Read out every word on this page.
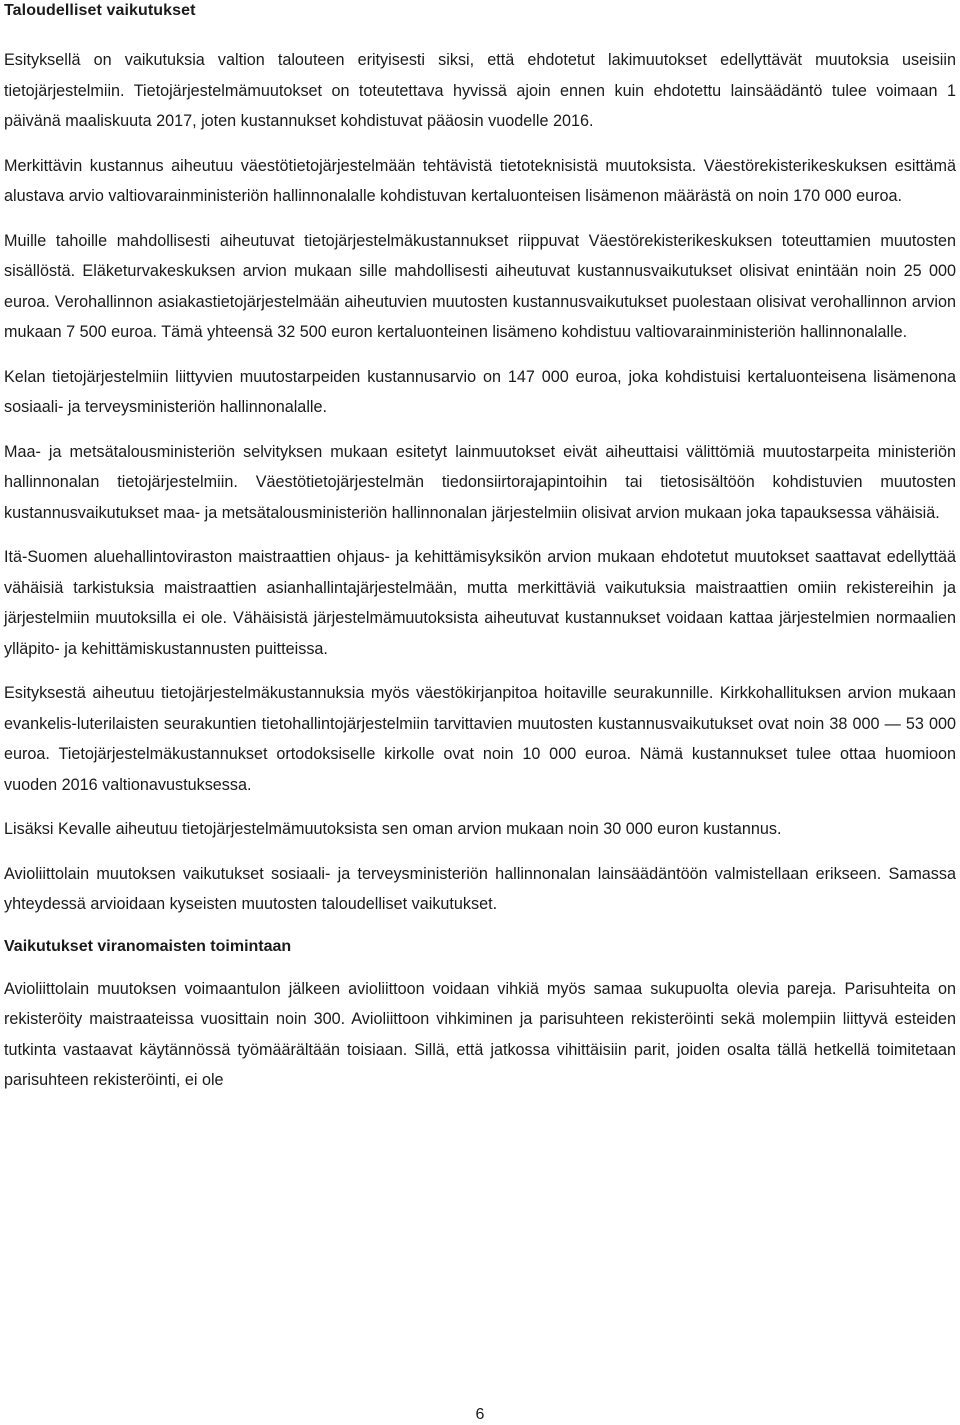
Taloudelliset vaikutukset

Esityksellä on vaikutuksia valtion talouteen erityisesti siksi, että ehdotetut lakimuutokset edellyttävät muutoksia useisiin tietojärjestelmiin. Tietojärjestelmämuutokset on toteutettava hyvissä ajoin ennen kuin ehdotettu lainsäädäntö tulee voimaan 1 päivänä maaliskuuta 2017, joten kustannukset kohdistuvat pääosin vuodelle 2016.

Merkittävin kustannus aiheutuu väestötietojärjestelmään tehtävistä tietoteknisistä muutoksista. Väestörekisterikeskuksen esittämä alustava arvio valtiovarainministeriön hallinnonalalle kohdistuvan kertaluonteisen lisämenon määrästä on noin 170 000 euroa.

Muille tahoille mahdollisesti aiheutuvat tietojärjestelmäkustannukset riippuvat Väestörekisterikeskuksen toteuttamien muutosten sisällöstä. Eläketurvakeskuksen arvion mukaan sille mahdollisesti aiheutuvat kustannusvaikutukset olisivat enintään noin 25 000 euroa. Verohallinnon asiakastietojärjestelmään aiheutuvien muutosten kustannusvaikutukset puolestaan olisivat verohallinnon arvion mukaan 7 500 euroa. Tämä yhteensä 32 500 euron kertaluonteinen lisämeno kohdistuu valtiovarainministeriön hallinnonalalle.

Kelan tietojärjestelmiin liittyvien muutostarpeiden kustannusarvio on 147 000 euroa, joka kohdistuisi kertaluonteisena lisämenona sosiaali- ja terveysministeriön hallinnonalalle.

Maa- ja metsätalousministeriön selvityksen mukaan esitetyt lainmuutokset eivät aiheuttaisi välittömiä muutostarpeita ministeriön hallinnonalan tietojärjestelmiin. Väestötietojärjestelmän tiedonsiirtorajapintoihin tai tietosisältöön kohdistuvien muutosten kustannusvaikutukset maa- ja metsätalousministeriön hallinnonalan järjestelmiin olisivat arvion mukaan joka tapauksessa vähäisiä.

Itä-Suomen aluehallintoviraston maistraattien ohjaus- ja kehittämisyksikön arvion mukaan ehdotetut muutokset saattavat edellyttää vähäisiä tarkistuksia maistraattien asianhallintajärjestelmään, mutta merkittäviä vaikutuksia maistraattien omiin rekistereihin ja järjestelmiin muutoksilla ei ole. Vähäisistä järjestelmämuutoksista aiheutuvat kustannukset voidaan kattaa järjestelmien normaalien ylläpito- ja kehittämiskustannusten puitteissa.

Esityksestä aiheutuu tietojärjestelmäkustannuksia myös väestökirjanpitoa hoitaville seurakunnille. Kirkkohallituksen arvion mukaan evankelis-luterilaisten seurakuntien tietohallintojärjestelmiin tarvittavien muutosten kustannusvaikutukset ovat noin 38 000 — 53 000 euroa. Tietojärjestelmäkustannukset ortodoksiselle kirkolle ovat noin 10 000 euroa. Nämä kustannukset tulee ottaa huomioon vuoden 2016 valtionavustuksessa.

Lisäksi Kevalle aiheutuu tietojärjestelmämuutoksista sen oman arvion mukaan noin 30 000 euron kustannus.

Avioliittolain muutoksen vaikutukset sosiaali- ja terveysministeriön hallinnonalan lainsäädäntöön valmistellaan erikseen. Samassa yhteydessä arvioidaan kyseisten muutosten taloudelliset vaikutukset.

Vaikutukset viranomaisten toimintaan

Avioliittolain muutoksen voimaantulon jälkeen avioliittoon voidaan vihkiä myös samaa sukupuolta olevia pareja. Parisuhteita on rekisteröity maistraateissa vuosittain noin 300. Avioliittoon vihkiminen ja parisuhteen rekisteröinti sekä molempiin liittyvä esteiden tutkinta vastaavat käytännössä työmäärältään toisiaan. Sillä, että jatkossa vihittäisiin parit, joiden osalta tällä hetkellä toimitetaan parisuhteen rekisteröinti, ei ole

6
